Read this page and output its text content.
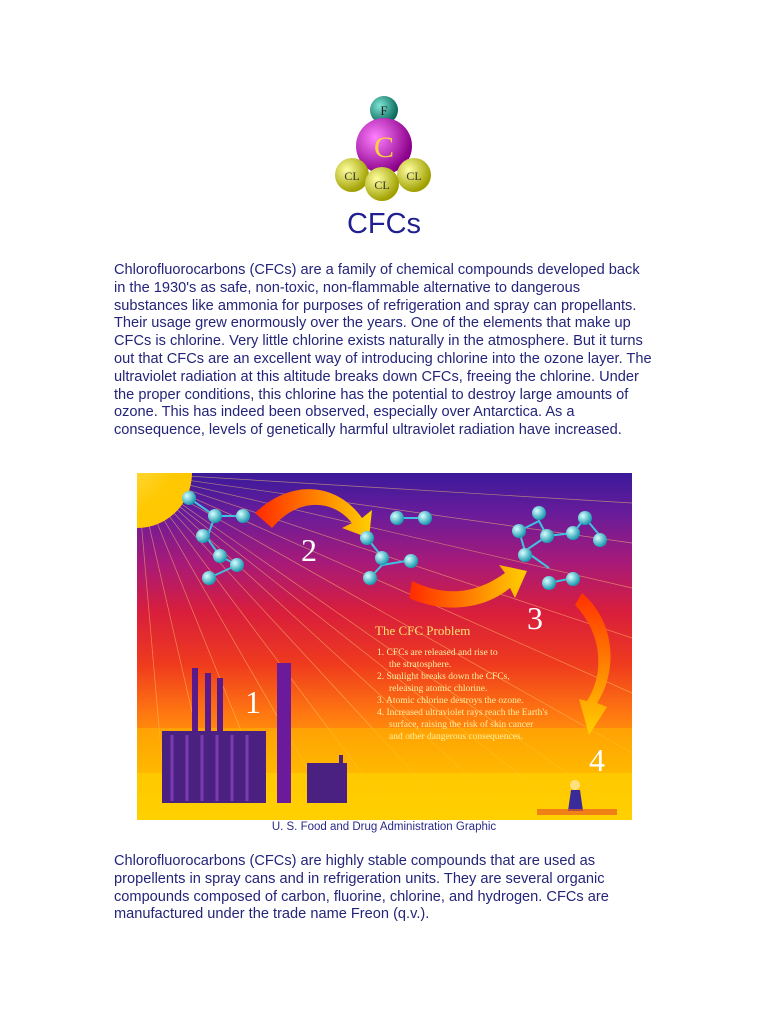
F
C
CL	CL
CL
CFCs

Chlorofluorocarbons (CFCs) are a family of chemical compounds developed back in the 1930's as safe, non-toxic, non-flammable alternative to dangerous substances like ammonia for purposes of refrigeration and spray can propellants. Their usage grew enormously over the years. One of the elements that make up CFCs is chlorine. Very little chlorine exists naturally in the atmosphere. But it turns out that CFCs are an excellent way of introducing chlorine into the ozone layer. The ultraviolet radiation at this altitude breaks down CFCs, freeing the chlorine. Under the proper conditions, this chlorine has the potential to destroy large amounts of ozone. This has indeed been observed, especially over Antarctica. As a consequence, levels of genetically harmful ultraviolet radiation have increased.

1
2
3
4
The CFC Problem
1. CFCs are released and rise to
the stratosphere.
2. Sunlight breaks down the CFCs,
releasing atomic chlorine.
3. Atomic chlorine destroys the ozone.
4. Increased ultraviolet rays reach the Earth's
surface, raising the risk of skin cancer
and other dangerous consequences.
U. S. Food and Drug Administration Graphic

Chlorofluorocarbons (CFCs) are highly stable compounds that are used as propellents in spray cans and in refrigeration units. They are several organic compounds composed of carbon, fluorine, chlorine, and hydrogen. CFCs are manufactured under the trade name Freon (q.v.).
